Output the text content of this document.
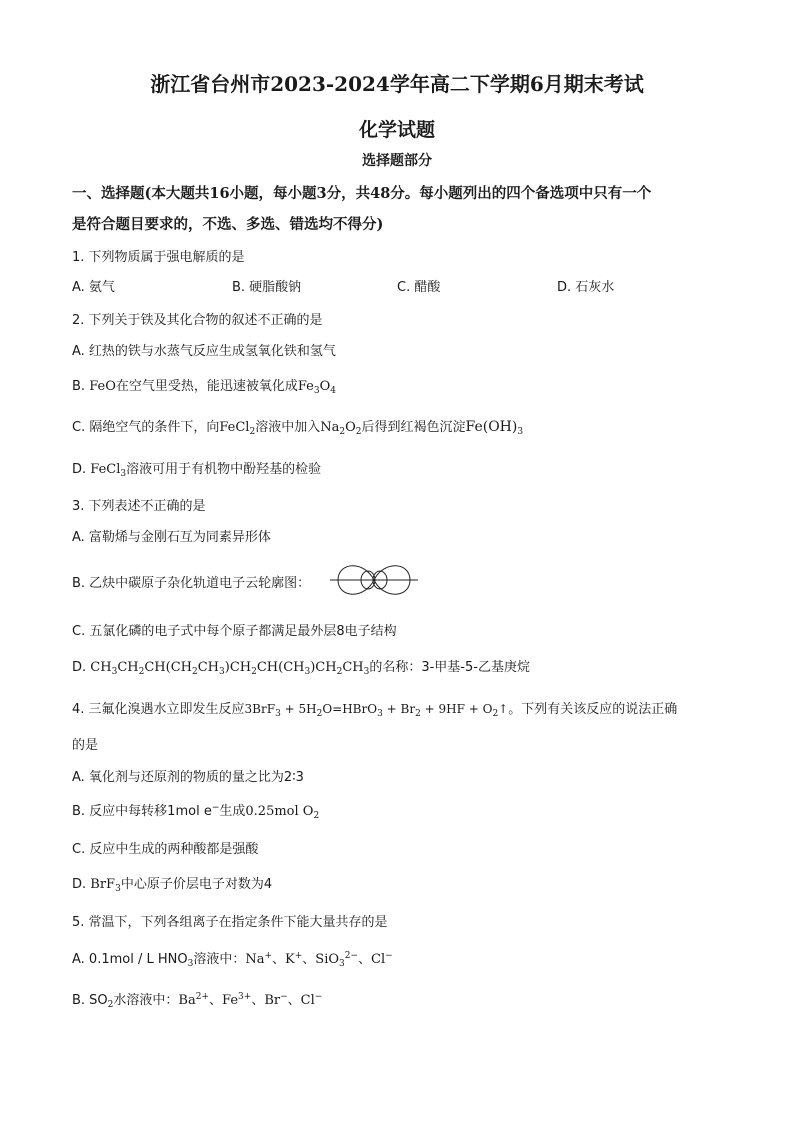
浙江省台州市2023-2024学年高二下学期6月期末考试
化学试题
选择题部分
一、选择题(本大题共16小题，每小题3分，共48分。每小题列出的四个备选项中只有一个
是符合题目要求的，不选、多选、错选均不得分)
1. 下列物质属于强电解质的是
A. 氨气	B. 硬脂酸钠	C. 醋酸	D. 石灰水
2. 下列关于铁及其化合物的叙述不正确的是
A. 红热的铁与水蒸气反应生成氢氧化铁和氢气
B. FeO在空气里受热，能迅速被氧化成$Fe_3O_4$
C. 隔绝空气的条件下，向FeCl$_2$溶液中加入$Na_2O_2$后得到红褐色沉淀$Fe(OH)_3$
D. FeCl$_3$溶液可用于有机物中酚羟基的检验
3. 下列表述不正确的是
A. 富勒烯与金刚石互为同素异形体
B. 乙炔中碳原子杂化轨道电子云轮廓图：
C. 五氯化磷的电子式中每个原子都满足最外层8电子结构
D. $CH_3CH_2CH(CH_2CH_3)CH_2CH(CH_3)CH_2CH_3$的名称：3-甲基-5-乙基庚烷
4. 三氟化溴遇水立即发生反应$3BrF_3 + 5H_2O=HBrO_3 + Br_2 + 9HF$ + $O_2↑$。下列有关该反应的说法正确
的是
A. 氧化剂与还原剂的物质的量之比为2∶3
B. 反应中每转移1mol e−生成0.25mol $O_2$
C. 反应中生成的两种酸都是强酸
D. BrF$_3$中心原子价层电子对数为4
5. 常温下，下列各组离子在指定条件下能大量共存的是
A. 0.1mol / L $HNO_3$溶液中：Na+、K+、SiO$_3^{2-}$、Cl−
B. $SO_2$水溶液中：$Ba^{2+}$、$Fe^{3+}$、Br−、Cl−
